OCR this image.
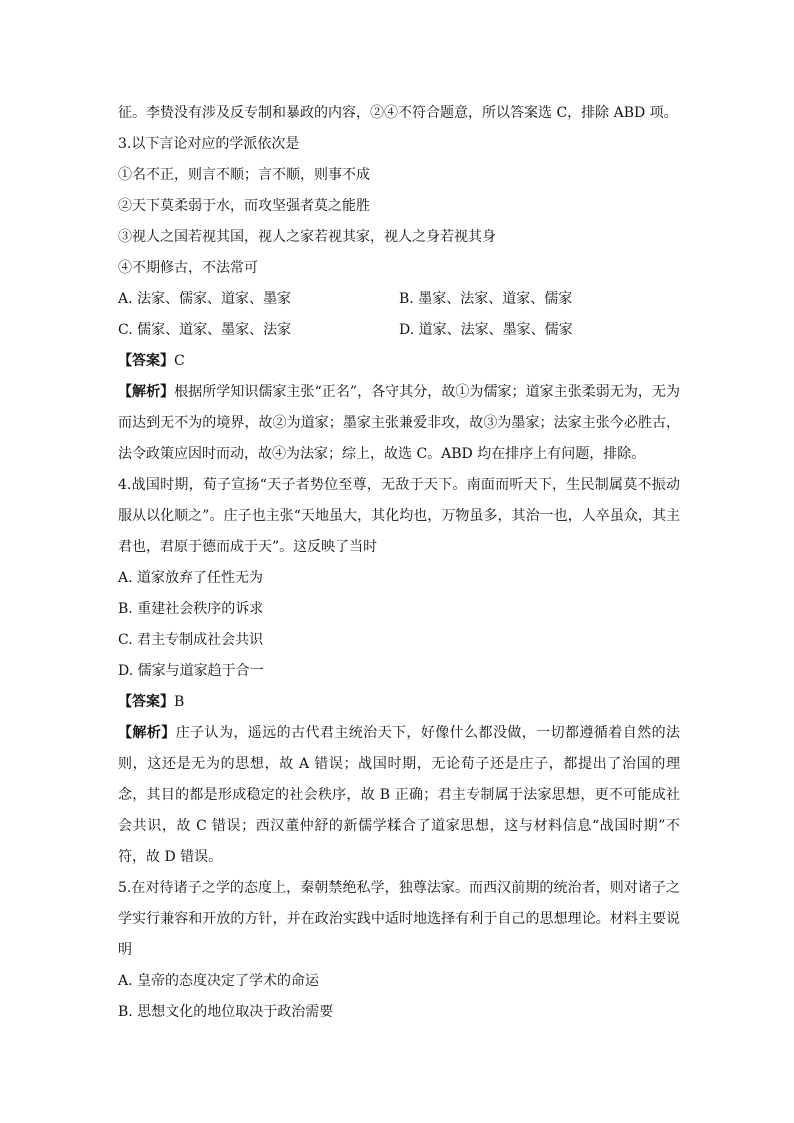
征。李贽没有涉及反专制和暴政的内容，②④不符合题意，所以答案选 C，排除 ABD 项。
3.以下言论对应的学派依次是
①名不正，则言不顺；言不顺，则事不成
②天下莫柔弱于水，而攻坚强者莫之能胜
③视人之国若视其国，视人之家若视其家，视人之身若视其身
④不期修古，不法常可
A. 法家、儒家、道家、墨家	B. 墨家、法家、道家、儒家
C. 儒家、道家、墨家、法家	D. 道家、法家、墨家、儒家
【答案】C
【解析】根据所学知识儒家主张“正名”，各守其分，故①为儒家；道家主张柔弱无为，无为而达到无不为的境界，故②为道家；墨家主张兼爱非攻，故③为墨家；法家主张今必胜古，法令政策应因时而动，故④为法家；综上，故选 C。ABD 均在排序上有问题，排除。
4.战国时期，荀子宣扬“天子者势位至尊，无敌于天下。南面而听天下，生民制属莫不振动服从以化顺之”。庄子也主张“天地虽大，其化均也，万物虽多，其治一也，人卒虽众，其主君也，君原于德而成于天”。这反映了当时
A. 道家放弃了任性无为
B. 重建社会秩序的诉求
C. 君主专制成社会共识
D. 儒家与道家趋于合一
【答案】B
【解析】庄子认为，遥远的古代君主统治天下，好像什么都没做，一切都遵循着自然的法则，这还是无为的思想，故 A 错误；战国时期，无论荀子还是庄子，都提出了治国的理念，其目的都是形成稳定的社会秩序，故 B 正确；君主专制属于法家思想，更不可能成社会共识，故 C 错误；西汉董仲舒的新儒学糅合了道家思想，这与材料信息“战国时期”不符，故 D 错误。
5.在对待诸子之学的态度上，秦朝禁绝私学，独尊法家。而西汉前期的统治者，则对诸子之学实行兼容和开放的方针，并在政治实践中适时地选择有利于自己的思想理论。材料主要说明
A. 皇帝的态度决定了学术的命运
B. 思想文化的地位取决于政治需要
